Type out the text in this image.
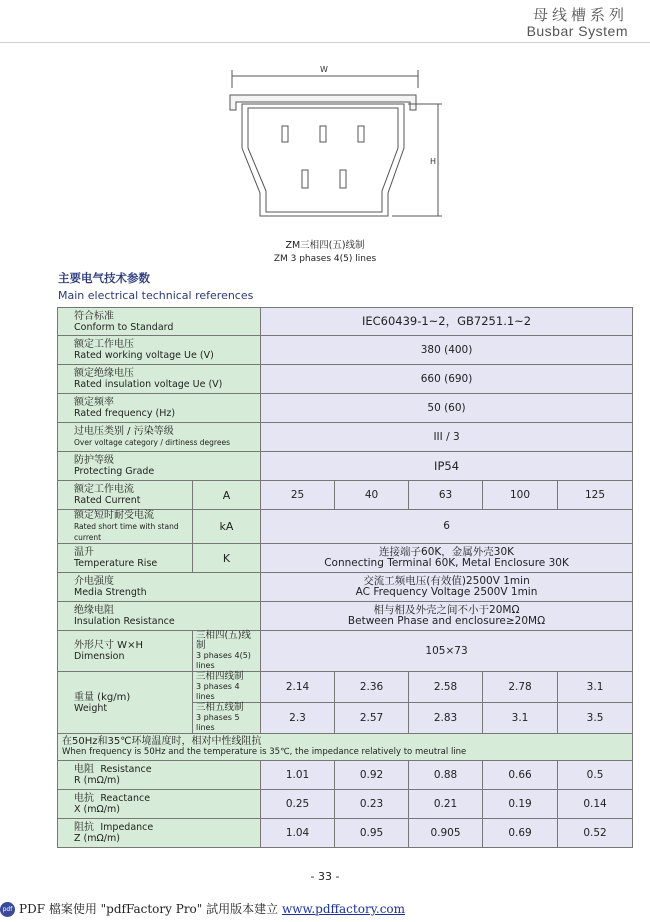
母线槽系列
Busbar System
W
H
ZM三相四(五)线制
ZM 3 phases 4(5) lines
主要电气技术参数
Main electrical technical references
符合标准
Conform to Standard		IEC60439-1~2，GB7251.1~2				

额定工作电压
Rated working voltage Ue (V)		380 (400)				

额定绝缘电压
Rated insulation voltage Ue (V)		660 (690)				

额定频率
Rated frequency (Hz)		50 (60)				

过电压类别 / 污染等级
Over voltage category / dirtiness degrees		III / 3				

防护等级
Protecting Grade		IP54				

额定工作电流
Rated Current	A	25	40	63	100	125

额定短时耐受电流
Rated short time with stand current	kA	6				

温升
Temperature Rise	K	连接端子60K，金属外壳30K
Connecting Terminal 60K, Metal Enclosure 30K				

介电强度
Media Strength		交流工频电压(有效值)2500V 1min
AC Frequency Voltage 2500V 1min				

绝缘电阻
Insulation Resistance		相与相及外壳之间不小于20MΩ
Between Phase and enclosure≥20MΩ				

外形尺寸 W×H
Dimension	三相四(五)线制
3 phases 4(5) lines	105×73				

重量 (kg/m)
Weight	三相四线制
3 phases 4 lines	2.14	2.36	2.58	2.78	3.1

	三相五线制
3 phases 5 lines	2.3	2.57	2.83	3.1	3.5

在50Hz和35℃环境温度时，相对中性线阻抗
When frequency is 50Hz and the temperature is 35℃, the impedance relatively to meutral line						

电阻 Resistance
R (mΩ/m)		1.01	0.92	0.88	0.66	0.5

电抗 Reactance
X (mΩ/m)		0.25	0.23	0.21	0.19	0.14

阻抗 Impedance
Z (mΩ/m)		1.04	0.95	0.905	0.69	0.52
- 33 -
pdf PDF 檔案使用 "pdfFactory Pro" 試用版本建立 www.pdffactory.com
